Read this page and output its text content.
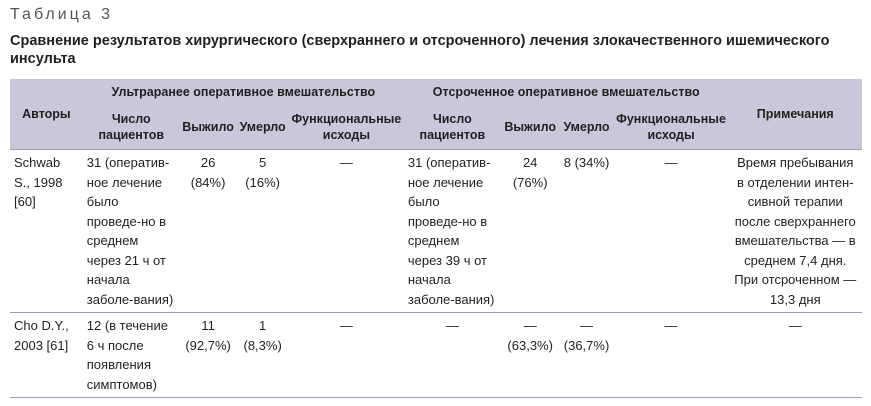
Таблица 3
Сравнение результатов хирургического (сверхраннего и отсроченного) лечения злокачественного ишемического инсульта
Авторы	Ультраранее оперативное вмешательство				Отсроченное оперативное вмешательство				Примечания
	Число пациентов	Выжило	Умерло	Функциональные исходы	Число пациентов	Выжило	Умерло	Функциональные исходы	
Schwab S., 1998 [60]	31 (оператив-ное лечение было проведе-но в среднем через 21 ч от начала заболе-вания)	26 (84%)	5 (16%)	—	31 (оператив-ное лечение было проведе-но в среднем через 39 ч от начала заболе-вания)	24 (76%)	8 (34%)	—	Время пребывания в отделении интен-сивной терапии после сверхраннего вмешательства — в среднем 7,4 дня. При отсроченном — 13,3 дня
Cho D.Y., 2003 [61]	12 (в течение 6 ч после появления симптомов)	11 (92,7%)	1 (8,3%)	—	—	— (63,3%)	— (36,7%)	—	—
